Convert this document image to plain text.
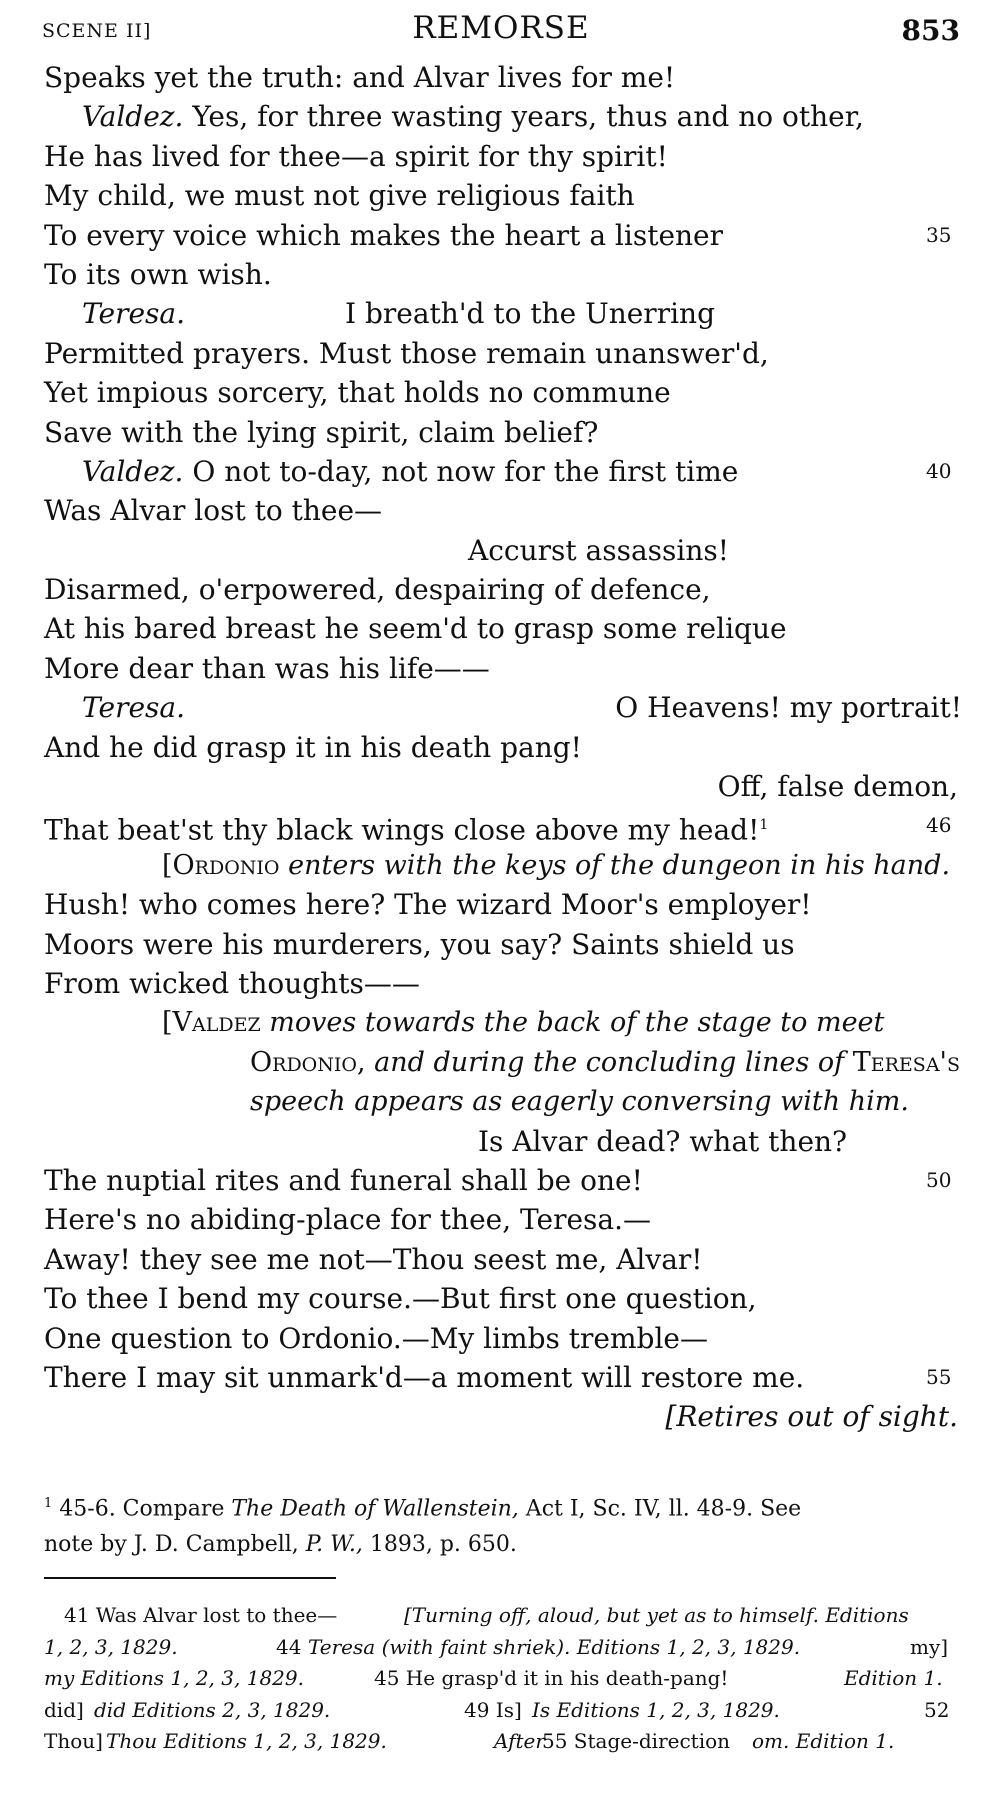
SCENE II]	REMORSE	853
Speaks yet the truth: and Alvar lives for me!
Valdez. Yes, for three wasting years, thus and no other,
He has lived for thee—a spirit for thy spirit!
My child, we must not give religious faith
To every voice which makes the heart a listener	35
To its own wish.
Teresa.	I breath'd to the Unerring
Permitted prayers. Must those remain unanswer'd,
Yet impious sorcery, that holds no commune
Save with the lying spirit, claim belief?
Valdez. O not to-day, not now for the first time	40
Was Alvar lost to thee—
Accurst assassins!
Disarmed, o'erpowered, despairing of defence,
At his bared breast he seem'd to grasp some relique
More dear than was his life——
Teresa.	O Heavens! my portrait!
And he did grasp it in his death pang!
Off, false demon,
That beat'st thy black wings close above my head!$^1$	46
[Ordonio enters with the keys of the dungeon in his hand.
Hush! who comes here? The wizard Moor's employer!
Moors were his murderers, you say? Saints shield us
From wicked thoughts——
[Valdez moves towards the back of the stage to meet
Ordonio, and during the concluding lines of Teresa's
speech appears as eagerly conversing with him.
Is Alvar dead? what then?
The nuptial rites and funeral shall be one!	50
Here's no abiding-place for thee, Teresa.—
Away! they see me not—Thou seest me, Alvar!
To thee I bend my course.—But first one question,
One question to Ordonio.—My limbs tremble—
There I may sit unmark'd—a moment will restore me.	55
[Retires out of sight.
$^1$ 45-6. Compare The Death of Wallenstein, Act I, Sc. IV, ll. 48-9. See
note by J. D. Campbell, P. W., 1893, p. 650.
41 Was Alvar lost to thee—	[Turning off, aloud, but yet as to himself. Editions
1, 2, 3, 1829.	44 Teresa (with faint shriek). Editions 1, 2, 3, 1829.	my]
my Editions 1, 2, 3, 1829.	45 He grasp'd it in his death-pang!	Edition 1.
did] did Editions 2, 3, 1829.	49 Is] Is Editions 1, 2, 3, 1829.	52
Thou] Thou Editions 1, 2, 3, 1829.	After
55 Stage-direction om. Edition 1.
